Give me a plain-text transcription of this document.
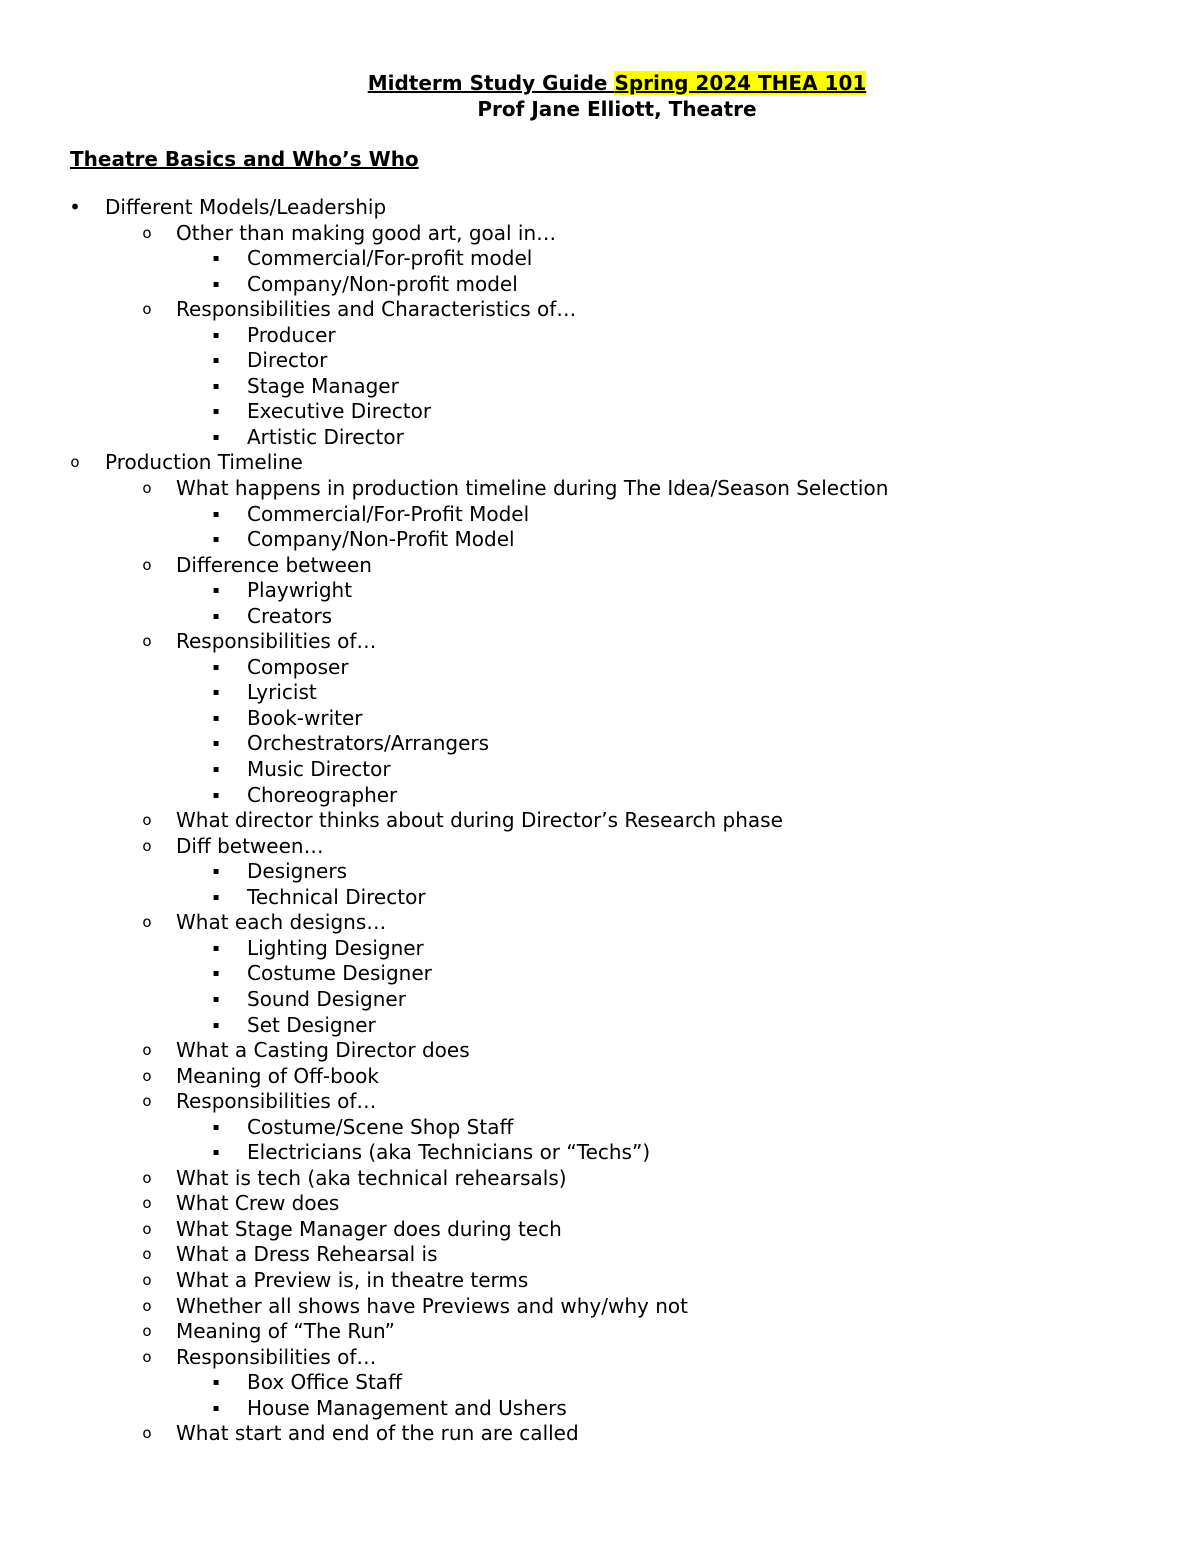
Midterm Study Guide Spring 2024 THEA 101
Prof Jane Elliott, Theatre
Theatre Basics and Who’s Who
• Different Models/Leadership
o Other than making good art, goal in…
▪	Commercial/For-profit model
▪	Company/Non-profit model
o Responsibilities and Characteristics of…
▪	Producer
▪	Director
▪	Stage Manager
▪	Executive Director
▪	Artistic Director
o Production Timeline
o What happens in production timeline during The Idea/Season Selection
▪	Commercial/For-Profit Model
▪	Company/Non-Profit Model
o Difference between
▪	Playwright
▪	Creators
o Responsibilities of…
▪	Composer
▪	Lyricist
▪	Book-writer
▪	Orchestrators/Arrangers
▪	Music Director
▪	Choreographer
o What director thinks about during Director’s Research phase
o Diff between…
▪	Designers
▪	Technical Director
o What each designs…
▪	Lighting Designer
▪	Costume Designer
▪	Sound Designer
▪	Set Designer
o What a Casting Director does
o Meaning of Off-book
o Responsibilities of…
▪	Costume/Scene Shop Staff
▪	Electricians (aka Technicians or “Techs”)
o What is tech (aka technical rehearsals)
o What Crew does
o What Stage Manager does during tech
o What a Dress Rehearsal is
o What a Preview is, in theatre terms
o Whether all shows have Previews and why/why not
o Meaning of “The Run”
o Responsibilities of…
▪	Box Office Staff
▪	House Management and Ushers
o What start and end of the run are called
